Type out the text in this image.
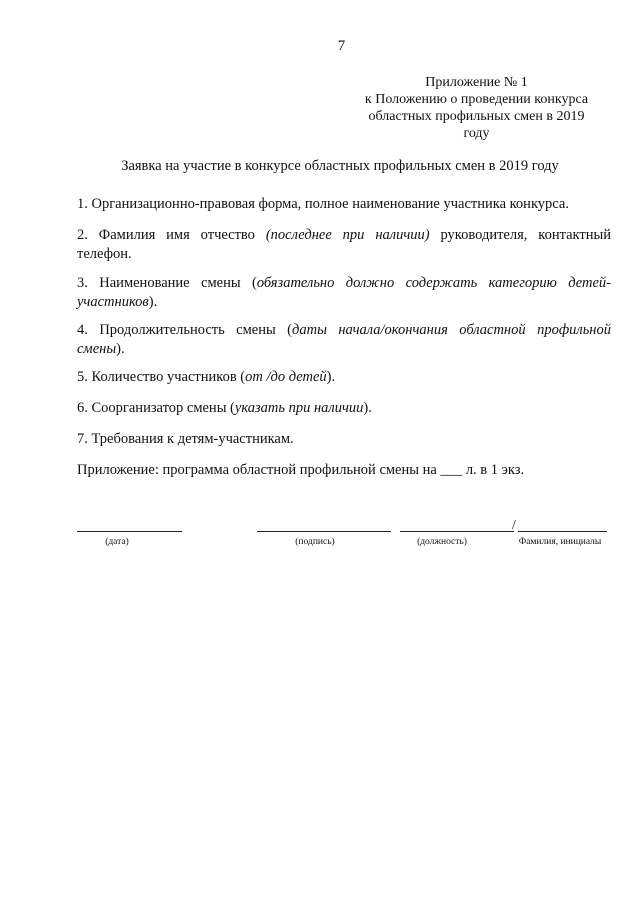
7
Приложение № 1
к Положению о проведении конкурса
областных профильных смен в 2019
году
Заявка на участие в конкурсе областных профильных смен в 2019 году
1. Организационно-правовая форма, полное наименование участника конкурса.
2. Фамилия имя отчество (последнее при наличии) руководителя, контактный телефон.
3. Наименование смены (обязательно должно содержать категорию детей-участников).
4. Продолжительность смены (даты начала/окончания областной профильной смены).
5. Количество участников (от /до детей).
6. Соорганизатор смены (указать при наличии).
7. Требования к детям-участникам.
Приложение: программа областной профильной смены на ___ л. в 1 экз.
/
(дата)	(подпись)	(должность)	Фамилия, инициалы
